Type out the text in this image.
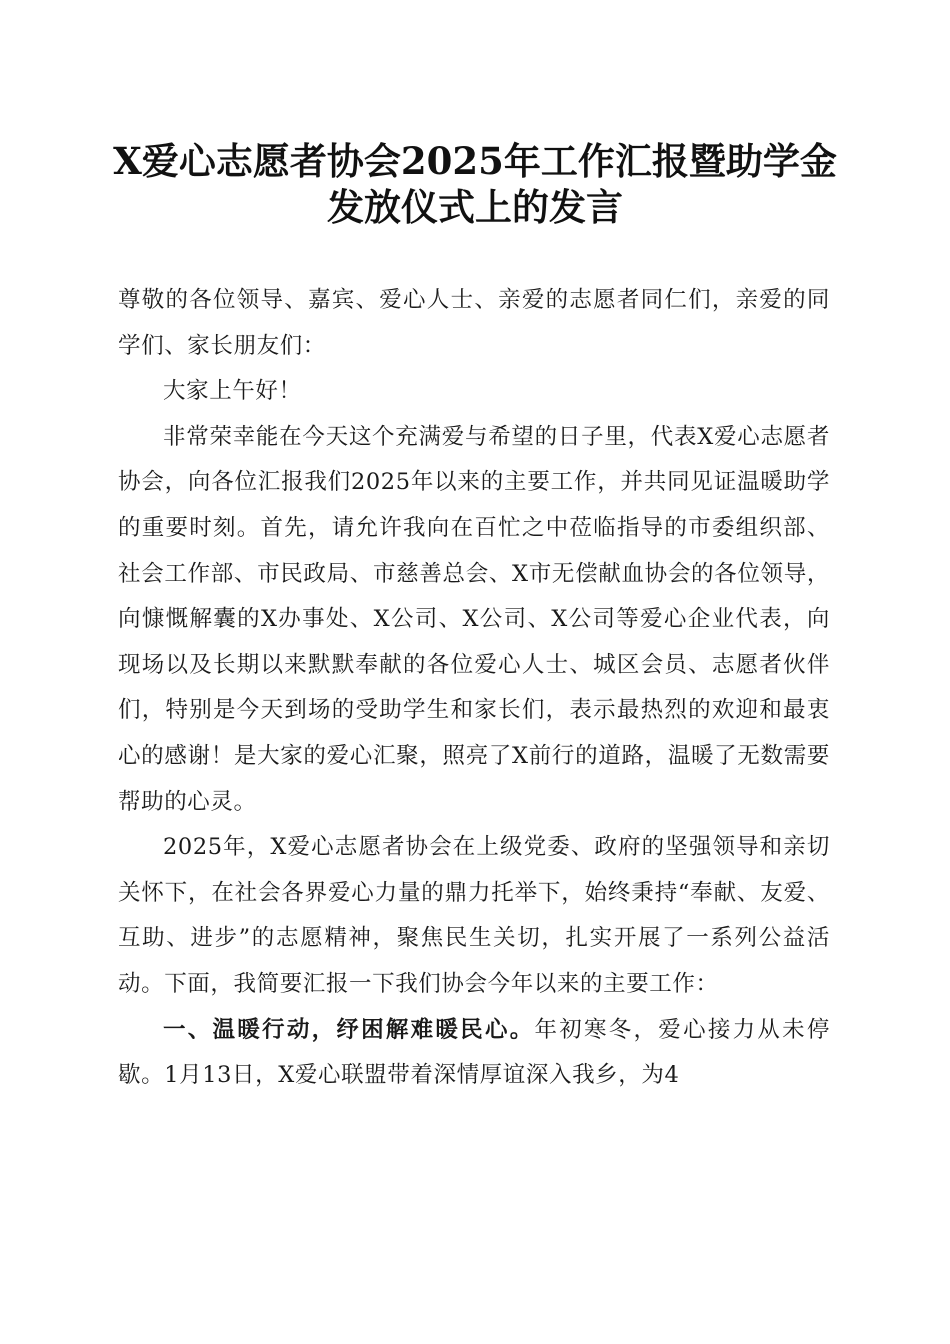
X爱心志愿者协会2025年工作汇报暨助学金
发放仪式上的发言

尊敬的各位领导、嘉宾、爱心人士、亲爱的志愿者同仁们，亲爱的同学们、家长朋友们：

大家上午好！

非常荣幸能在今天这个充满爱与希望的日子里，代表X爱心志愿者协会，向各位汇报我们2025年以来的主要工作，并共同见证温暖助学的重要时刻。首先，请允许我向在百忙之中莅临指导的市委组织部、社会工作部、市民政局、市慈善总会、X市无偿献血协会的各位领导，向慷慨解囊的X办事处、X公司、X公司、X公司等爱心企业代表，向现场以及长期以来默默奉献的各位爱心人士、城区会员、志愿者伙伴们，特别是今天到场的受助学生和家长们，表示最热烈的欢迎和最衷心的感谢！是大家的爱心汇聚，照亮了X前行的道路，温暖了无数需要帮助的心灵。

2025年，X爱心志愿者协会在上级党委、政府的坚强领导和亲切关怀下，在社会各界爱心力量的鼎力托举下，始终秉持“奉献、友爱、互助、进步”的志愿精神，聚焦民生关切，扎实开展了一系列公益活动。下面，我简要汇报一下我们协会今年以来的主要工作：

一、温暖行动，纾困解难暖民心。年初寒冬，爱心接力从未停歇。1月13日，X爱心联盟带着深情厚谊深入我乡，为4
